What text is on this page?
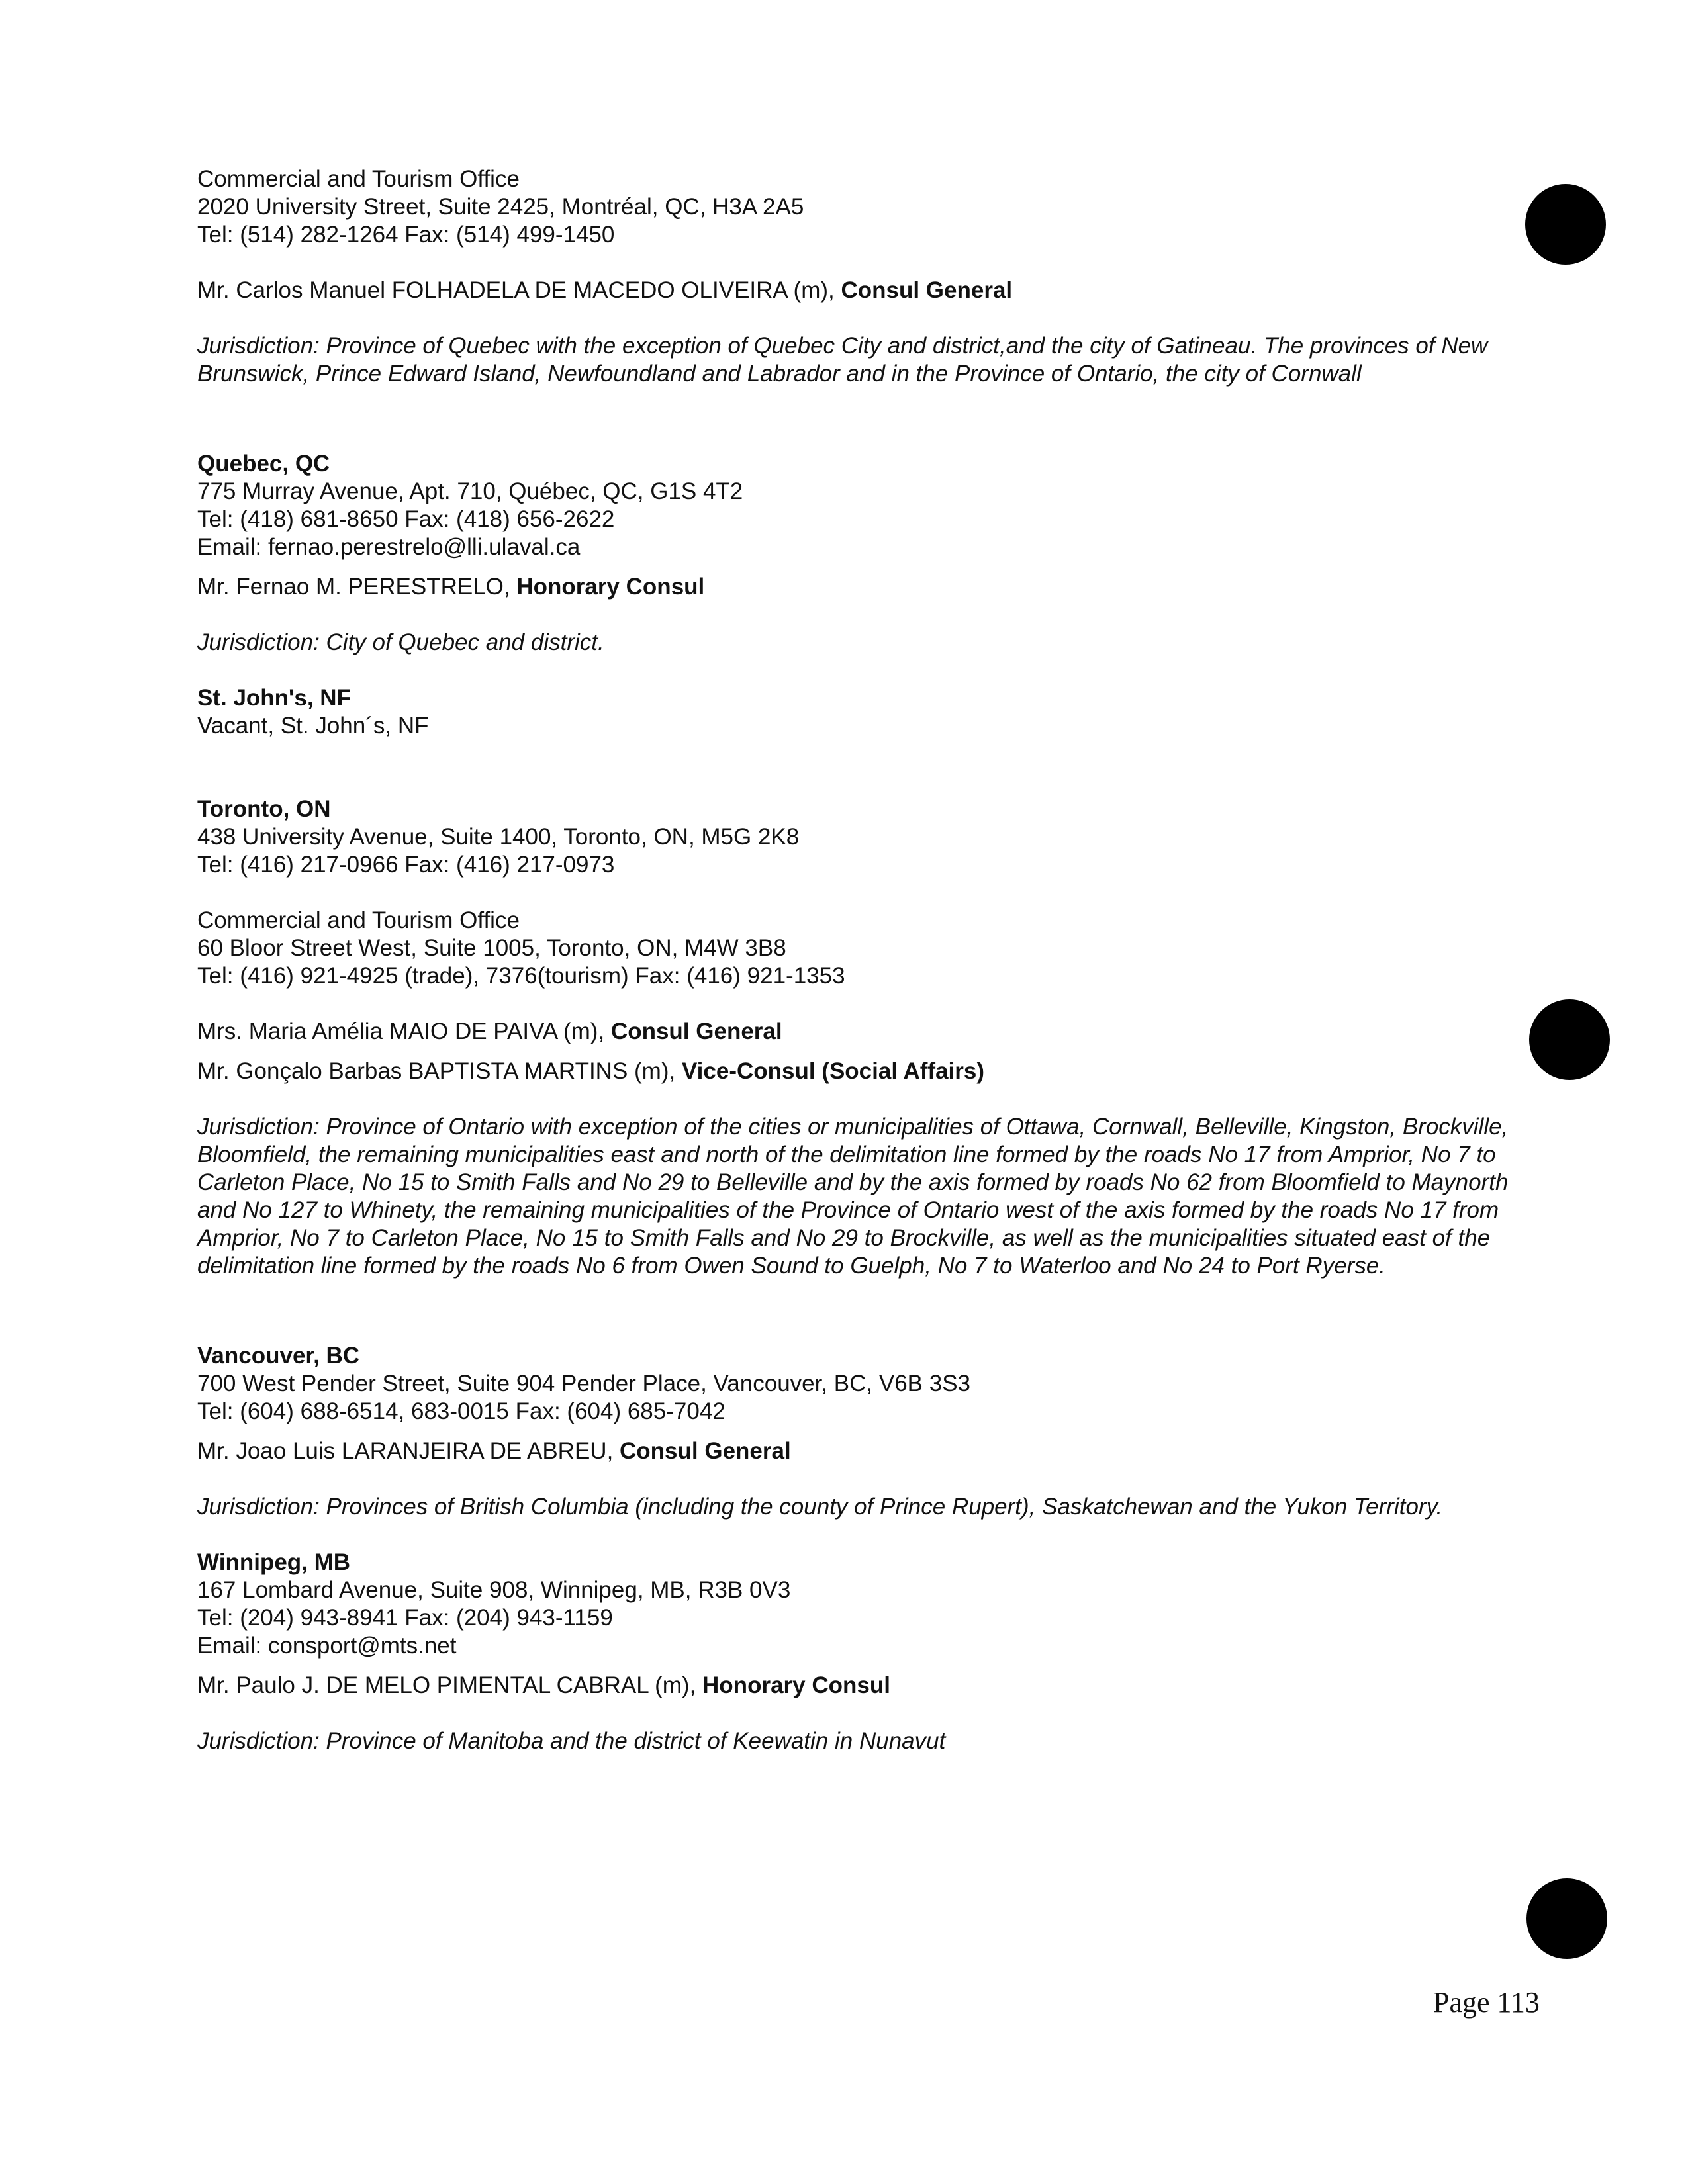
Commercial and Tourism Office
2020 University Street, Suite 2425, Montréal, QC, H3A 2A5
Tel: (514) 282-1264 Fax: (514) 499-1450
Mr. Carlos Manuel FOLHADELA DE MACEDO OLIVEIRA (m), Consul General
Jurisdiction: Province of Quebec with the exception of Quebec City and district,and the city of Gatineau. The provinces of New Brunswick, Prince Edward Island, Newfoundland and Labrador and in the Province of Ontario, the city of Cornwall
Quebec, QC
775 Murray Avenue, Apt. 710, Québec, QC, G1S 4T2
Tel: (418) 681-8650 Fax: (418) 656-2622
Email: fernao.perestrelo@lli.ulaval.ca
Mr. Fernao M. PERESTRELO, Honorary Consul
Jurisdiction: City of Quebec and district.
St. John's, NF
Vacant, St. John´s, NF
Toronto, ON
438 University Avenue, Suite 1400, Toronto, ON, M5G 2K8
Tel: (416) 217-0966 Fax: (416) 217-0973
Commercial and Tourism Office
60 Bloor Street West, Suite 1005, Toronto, ON, M4W 3B8
Tel: (416) 921-4925 (trade), 7376(tourism) Fax: (416) 921-1353
Mrs. Maria Amélia MAIO DE PAIVA (m), Consul General
Mr. Gonçalo Barbas BAPTISTA MARTINS (m), Vice-Consul (Social Affairs)
Jurisdiction: Province of Ontario with exception of the cities or municipalities of Ottawa, Cornwall, Belleville, Kingston, Brockville, Bloomfield, the remaining municipalities east and north of the delimitation line formed by the roads No 17 from Amprior, No 7 to Carleton Place, No 15 to Smith Falls and No 29 to Belleville and by the axis formed by roads No 62 from Bloomfield to Maynorth and No 127 to Whinety, the remaining municipalities of the Province of Ontario west of the axis formed by the roads No 17 from Amprior, No 7 to Carleton Place, No 15 to Smith Falls and No 29 to Brockville, as well as the municipalities situated east of the delimitation line formed by the roads No 6 from Owen Sound to Guelph, No 7 to Waterloo and No 24 to Port Ryerse.
Vancouver, BC
700 West Pender Street, Suite 904 Pender Place, Vancouver, BC, V6B 3S3
Tel: (604) 688-6514, 683-0015 Fax: (604) 685-7042
Mr. Joao Luis LARANJEIRA DE ABREU, Consul General
Jurisdiction: Provinces of British Columbia (including the county of Prince Rupert), Saskatchewan and the Yukon Territory.
Winnipeg, MB
167 Lombard Avenue, Suite 908, Winnipeg, MB, R3B 0V3
Tel: (204) 943-8941 Fax: (204) 943-1159
Email: consport@mts.net
Mr. Paulo J. DE MELO PIMENTAL CABRAL (m), Honorary Consul
Jurisdiction: Province of Manitoba and the district of Keewatin in Nunavut
Page 113
